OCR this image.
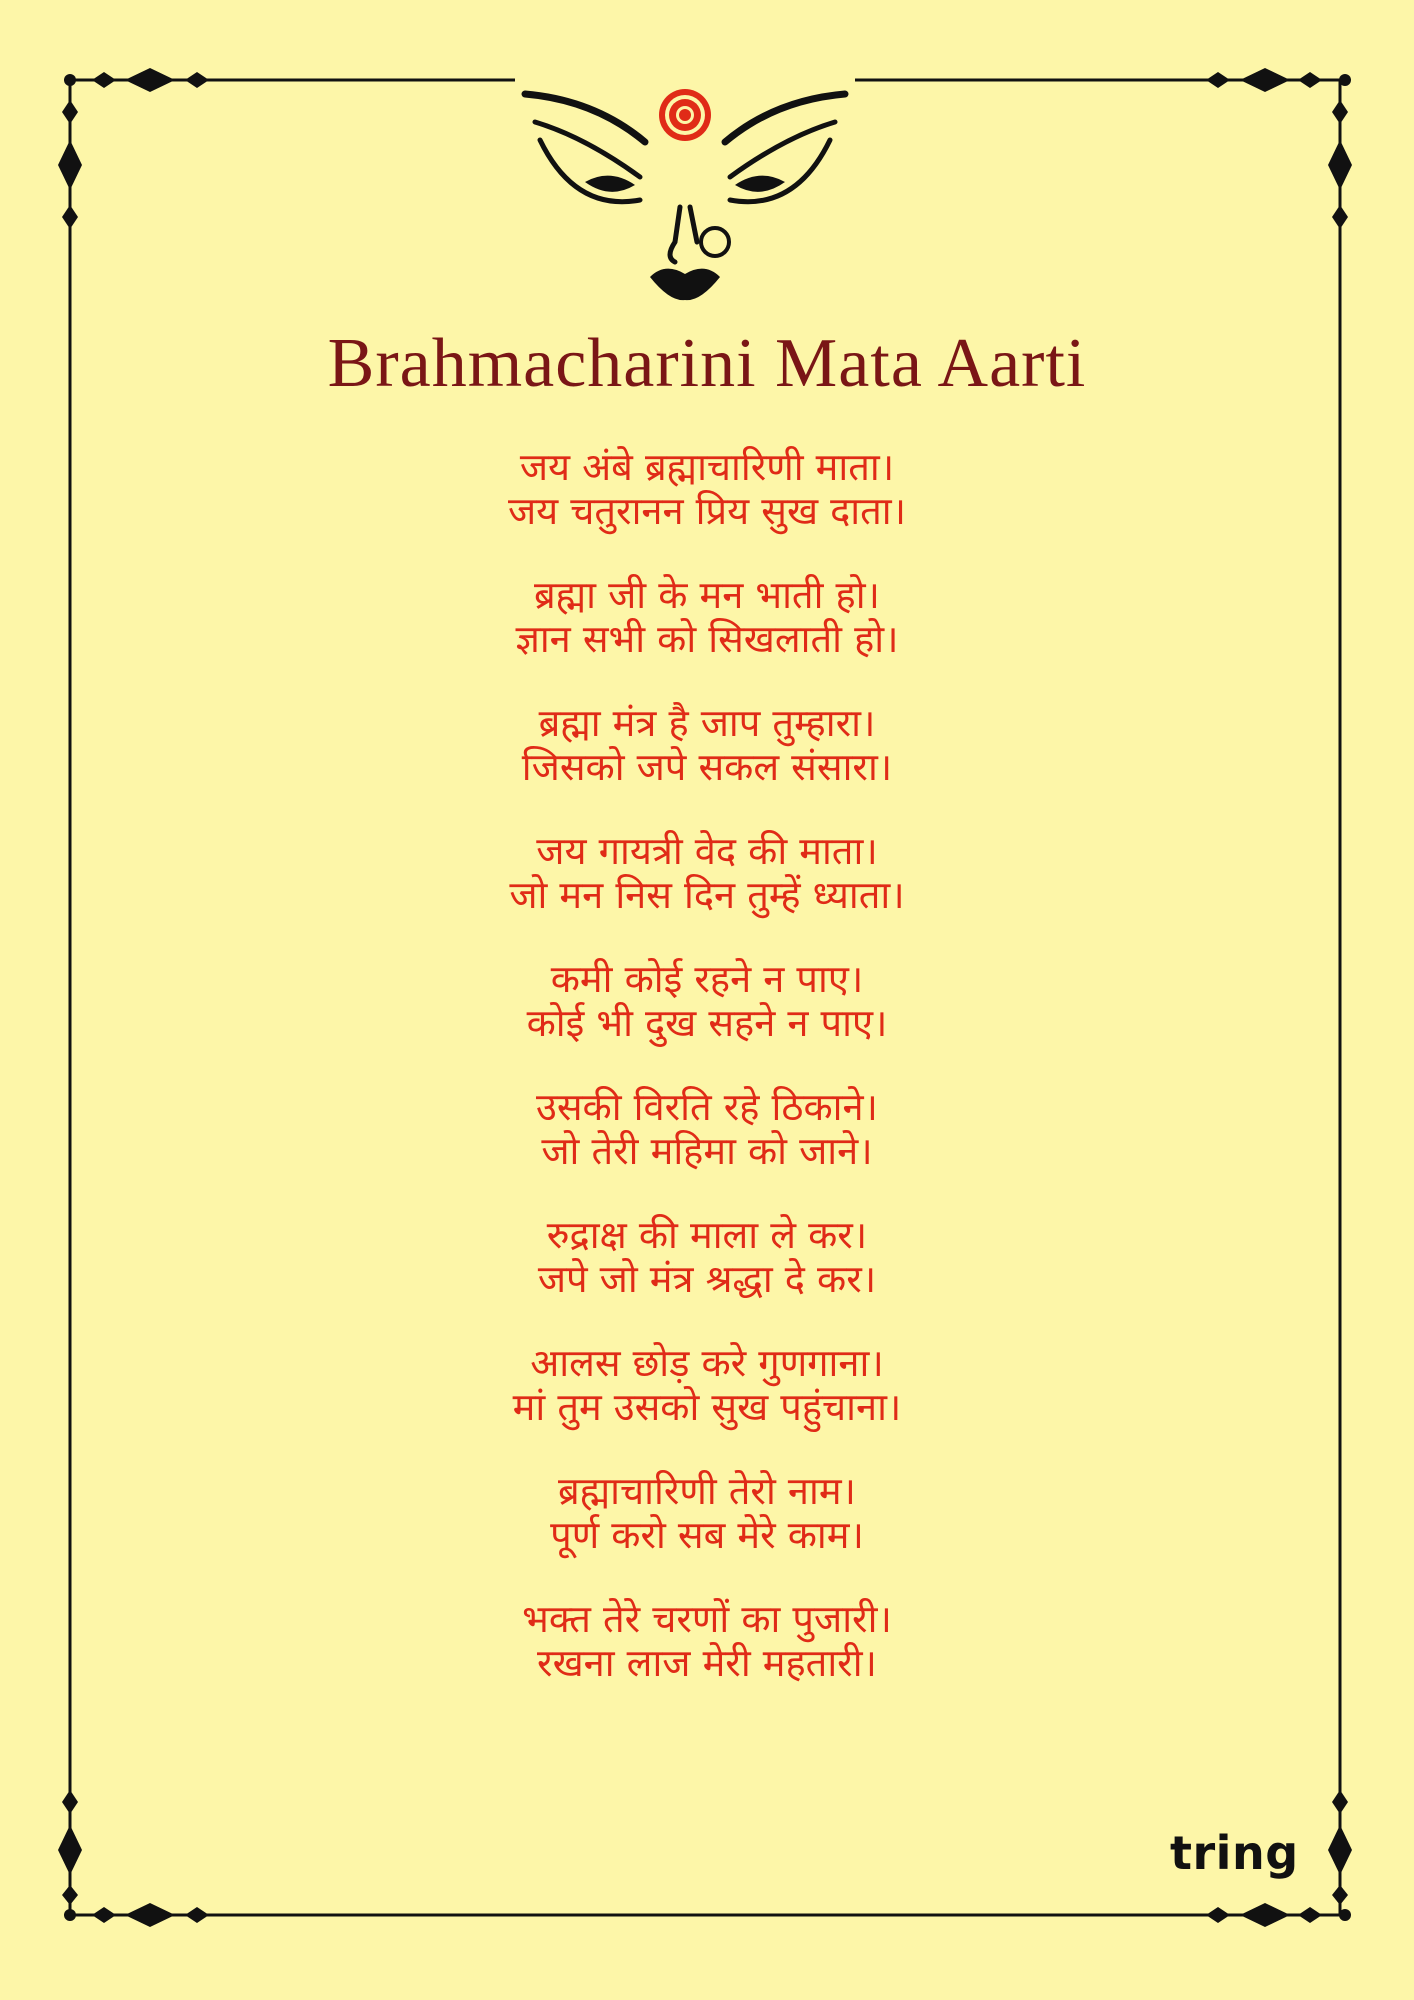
Brahmacharini Mata Aarti
जय अंबे ब्रह्माचारिणी माता।
जय चतुरानन प्रिय सुख दाता।
ब्रह्मा जी के मन भाती हो।
ज्ञान सभी को सिखलाती हो।
ब्रह्मा मंत्र है जाप तुम्हारा।
जिसको जपे सकल संसारा।
जय गायत्री वेद की माता।
जो मन निस दिन तुम्हें ध्याता।
कमी कोई रहने न पाए।
कोई भी दुख सहने न पाए।
उसकी विरति रहे ठिकाने।
जो तेरी महिमा को जाने।
रुद्राक्ष की माला ले कर।
जपे जो मंत्र श्रद्धा दे कर।
आलस छोड़ करे गुणगाना।
मां तुम उसको सुख पहुंचाना।
ब्रह्माचारिणी तेरो नाम।
पूर्ण करो सब मेरे काम।
भक्त तेरे चरणों का पुजारी।
रखना लाज मेरी महतारी।
tring
